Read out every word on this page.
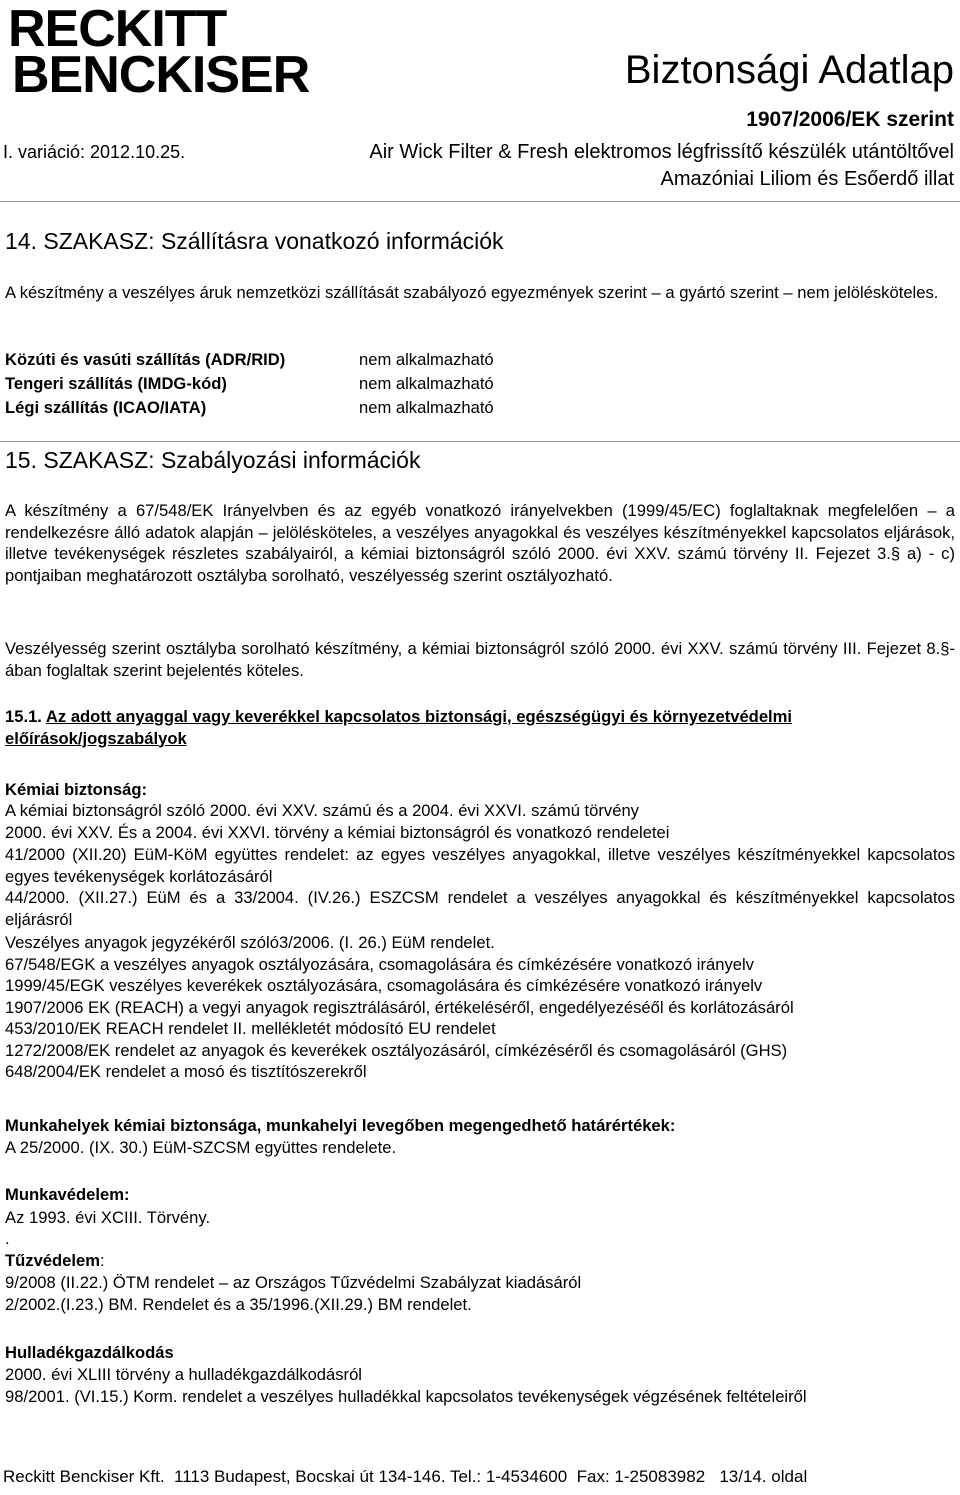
RECKITT
BENCKISER	Biztonsági Adatlap
1907/2006/EK szerint
I. variáció: 2012.10.25.	Air Wick Filter & Fresh elektromos légfrissítő készülék utántöltővel
Amazóniai Liliom és Esőerdő illat
14. SZAKASZ: Szállításra vonatkozó információk
A készítmény a veszélyes áruk nemzetközi szállítását szabályozó egyezmények szerint – a gyártó szerint – nem jelölésköteles.
Közúti és vasúti szállítás (ADR/RID)	nem alkalmazható
Tengeri szállítás (IMDG-kód)	nem alkalmazható
Légi szállítás (ICAO/IATA)	nem alkalmazható
15. SZAKASZ: Szabályozási információk
A készítmény a 67/548/EK Irányelvben és az egyéb vonatkozó irányelvekben (1999/45/EC) foglaltaknak megfelelően – a rendelkezésre álló adatok alapján – jelölésköteles, a veszélyes anyagokkal és veszélyes készítményekkel kapcsolatos eljárások, illetve tevékenységek részletes szabályairól, a kémiai biztonságról szóló 2000. évi XXV. számú törvény II. Fejezet 3.§ a) - c) pontjaiban meghatározott osztályba sorolható, veszélyesség szerint osztályozható.
Veszélyesség szerint osztályba sorolható készítmény, a kémiai biztonságról szóló 2000. évi XXV. számú törvény III. Fejezet 8.§-ában foglaltak szerint bejelentés köteles.
15.1. Az adott anyaggal vagy keverékkel kapcsolatos biztonsági, egészségügyi és környezetvédelmi előírások/jogszabályok
Kémiai biztonság:
A kémiai biztonságról szóló 2000. évi XXV. számú és a 2004. évi XXVI. számú törvény
2000. évi XXV. És a 2004. évi XXVI. törvény a kémiai biztonságról és vonatkozó rendeletei
41/2000 (XII.20) EüM-KöM együttes rendelet: az egyes veszélyes anyagokkal, illetve veszélyes készítményekkel kapcsolatos egyes tevékenységek korlátozásáról
44/2000. (XII.27.) EüM és a 33/2004. (IV.26.) ESZCSM rendelet a veszélyes anyagokkal és készítményekkel kapcsolatos eljárásról
Veszélyes anyagok jegyzékéről szóló3/2006. (I. 26.) EüM rendelet.
67/548/EGK a veszélyes anyagok osztályozására, csomagolására és címkézésére vonatkozó irányelv
1999/45/EGK veszélyes keverékek osztályozására, csomagolására és címkézésére vonatkozó irányelv
1907/2006 EK (REACH) a vegyi anyagok regisztrálásáról, értékeléséről, engedélyezéséől és korlátozásáról
453/2010/EK REACH rendelet II. mellékletét módosító EU rendelet
1272/2008/EK rendelet az anyagok és keverékek osztályozásáról, címkézéséről és csomagolásáról (GHS)
648/2004/EK rendelet a mosó és tisztítószerekről
Munkahelyek kémiai biztonsága, munkahelyi levegőben megengedhető határértékek:
A 25/2000. (IX. 30.) EüM-SZCSM együttes rendelete.
Munkavédelem:
Az 1993. évi XCIII. Törvény.
.
Tűzvédelem:
9/2008 (II.22.) ÖTM rendelet – az Országos Tűzvédelmi Szabályzat kiadásáról
2/2002.(I.23.) BM. Rendelet és a 35/1996.(XII.29.) BM rendelet.
Hulladékgazdálkodás
2000. évi XLIII törvény a hulladékgazdálkodásról
98/2001. (VI.15.) Korm. rendelet a veszélyes hulladékkal kapcsolatos tevékenységek végzésének feltételeiről
Reckitt Benckiser Kft.  1113 Budapest, Bocskai út 134-146. Tel.: 1-4534600  Fax: 1-25083982   13/14. oldal
